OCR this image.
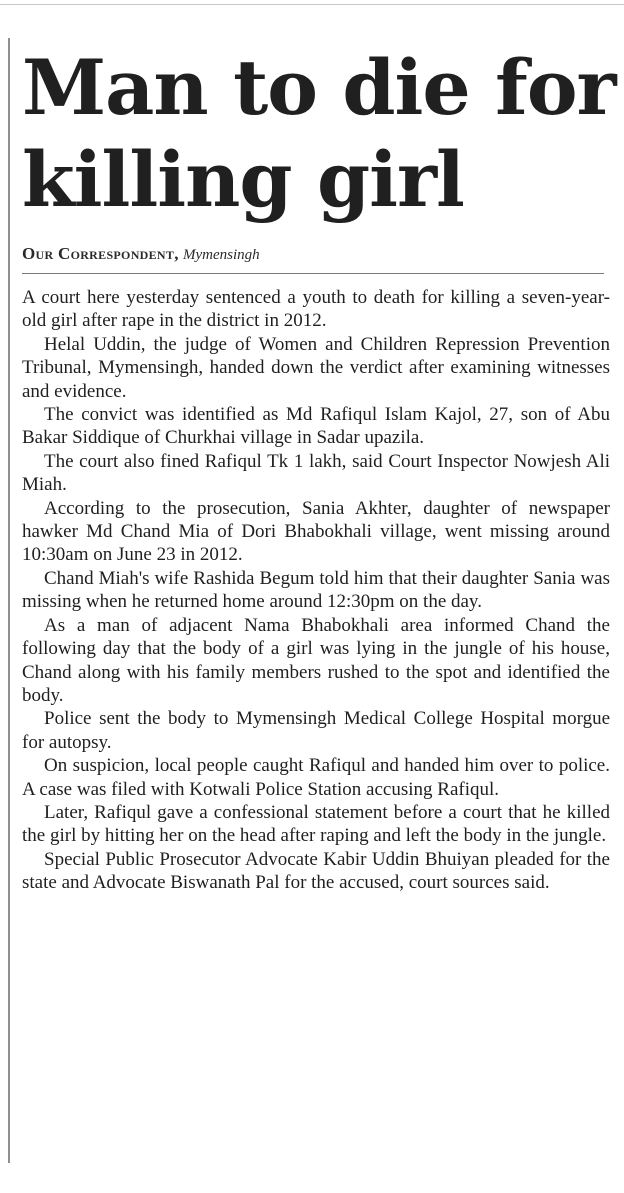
Man to die for
killing girl
Our Correspondent, Mymensingh

A court here yesterday sentenced a youth to death for killing a seven-year-old girl after rape in the district in 2012.

Helal Uddin, the judge of Women and Children Repression Prevention Tribunal, Mymensingh, handed down the verdict after examining witnesses and evidence.

The convict was identified as Md Rafiqul Islam Kajol, 27, son of Abu Bakar Siddique of Churkhai village in Sadar upazila.

The court also fined Rafiqul Tk 1 lakh, said Court Inspector Nowjesh Ali Miah.

According to the prosecution, Sania Akhter, daughter of newspaper hawker Md Chand Mia of Dori Bhabokhali village, went missing around 10:30am on June 23 in 2012.

Chand Miah's wife Rashida Begum told him that their daughter Sania was missing when he returned home around 12:30pm on the day.

As a man of adjacent Nama Bhabokhali area informed Chand the following day that the body of a girl was lying in the jungle of his house, Chand along with his family members rushed to the spot and identified the body.

Police sent the body to Mymensingh Medical College Hospital morgue for autopsy.

On suspicion, local people caught Rafiqul and handed him over to police. A case was filed with Kotwali Police Station accusing Rafiqul.

Later, Rafiqul gave a confessional statement before a court that he killed the girl by hitting her on the head after raping and left the body in the jungle.

Special Public Prosecutor Advocate Kabir Uddin Bhuiyan pleaded for the state and Advocate Biswanath Pal for the accused, court sources said.
